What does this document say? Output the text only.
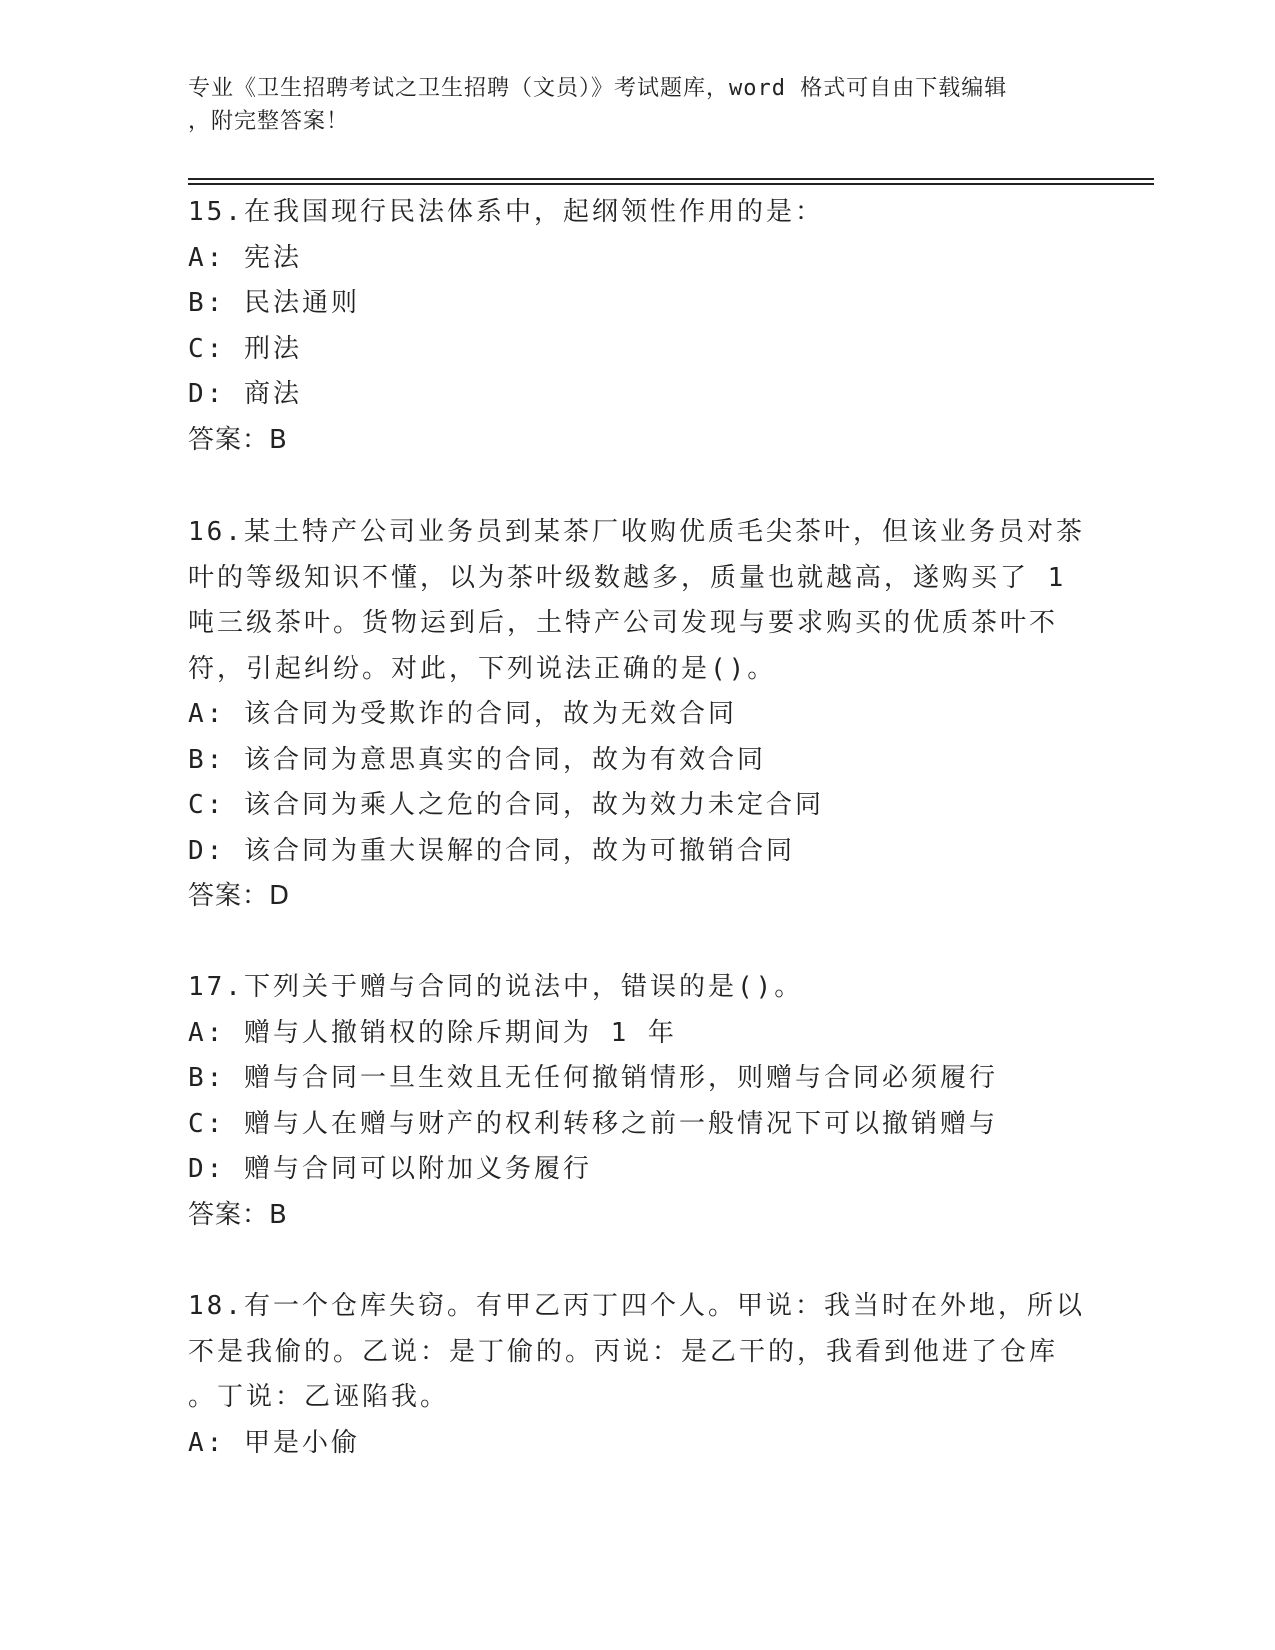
专业《卫生招聘考试之卫生招聘（文员）》考试题库，word 格式可自由下载编辑
，附完整答案！

15.在我国现行民法体系中，起纲领性作用的是：

A: 宪法

B: 民法通则

C: 刑法

D: 商法

答案：B

16.某土特产公司业务员到某茶厂收购优质毛尖茶叶，但该业务员对茶

叶的等级知识不懂，以为茶叶级数越多，质量也就越高，遂购买了 1

吨三级茶叶。货物运到后，土特产公司发现与要求购买的优质茶叶不

符，引起纠纷。对此，下列说法正确的是()。

A: 该合同为受欺诈的合同，故为无效合同

B: 该合同为意思真实的合同，故为有效合同

C: 该合同为乘人之危的合同，故为效力未定合同

D: 该合同为重大误解的合同，故为可撤销合同

答案：D

17.下列关于赠与合同的说法中，错误的是()。

A: 赠与人撤销权的除斥期间为 1 年

B: 赠与合同一旦生效且无任何撤销情形，则赠与合同必须履行

C: 赠与人在赠与财产的权利转移之前一般情况下可以撤销赠与

D: 赠与合同可以附加义务履行

答案：B

18.有一个仓库失窃。有甲乙丙丁四个人。甲说：我当时在外地，所以

不是我偷的。乙说：是丁偷的。丙说：是乙干的，我看到他进了仓库

。丁说：乙诬陷我。

A: 甲是小偷
